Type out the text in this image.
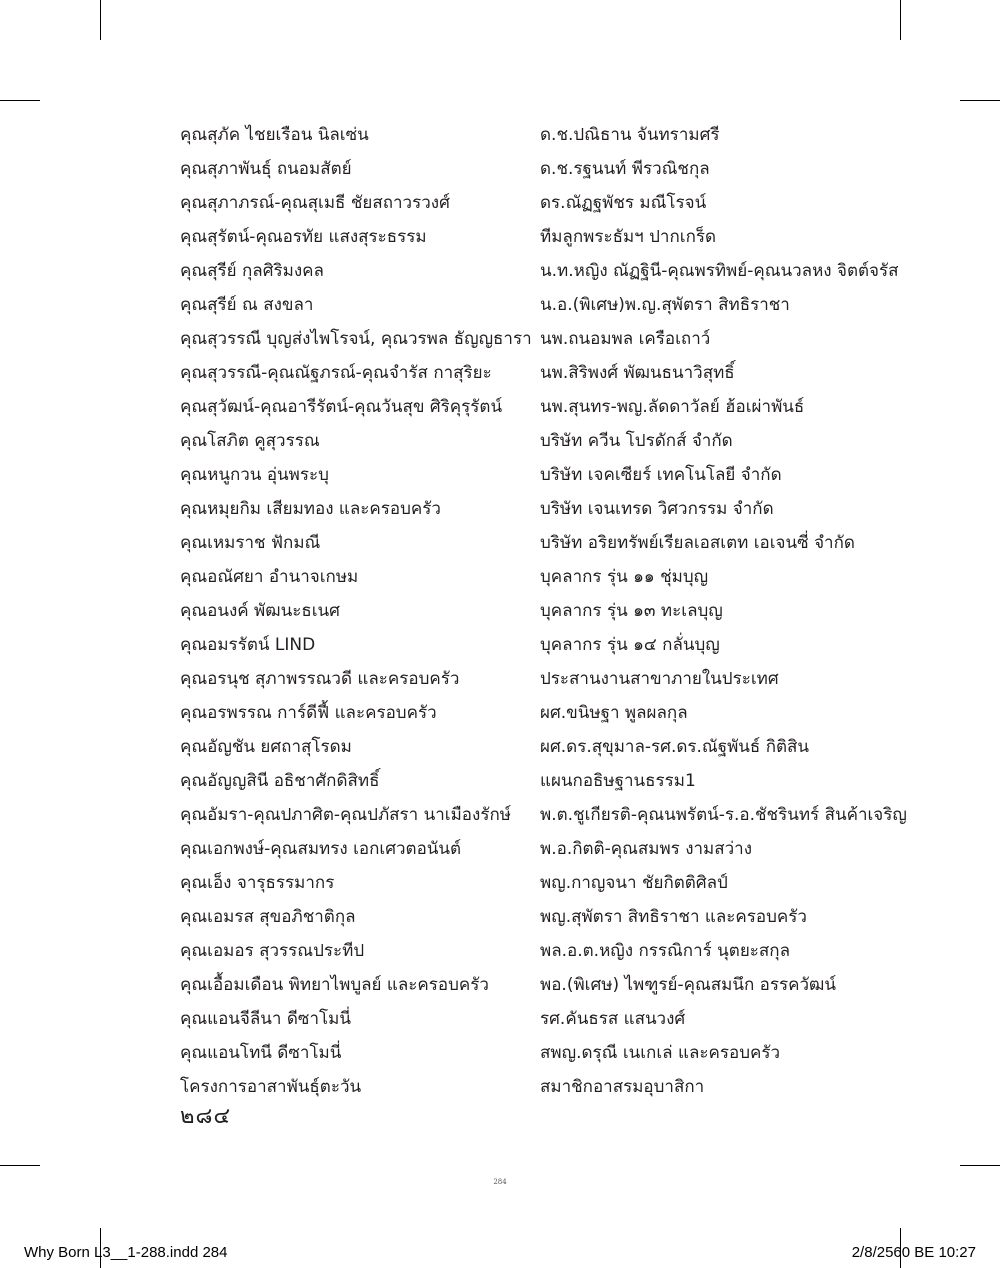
คุณสุภัค ไชยเรือน นิลเซ่น
คุณสุภาพันธุ์ ถนอมสัตย์
คุณสุภาภรณ์-คุณสุเมธี ชัยสถาวรวงศ์
คุณสุรัตน์-คุณอรทัย แสงสุระธรรม
คุณสุรีย์ กุลศิริมงคล
คุณสุรีย์ ณ สงขลา
คุณสุวรรณี บุญส่งไพโรจน์, คุณวรพล ธัญญธารา
คุณสุวรรณี-คุณณัฐภรณ์-คุณจำรัส กาสุริยะ
คุณสุวัฒน์-คุณอารีรัตน์-คุณวันสุข ศิริคุรุรัตน์
คุณโสภิต คูสุวรรณ
คุณหนูกวน อุ่นพระบุ
คุณหมุยกิม เสียมทอง และครอบครัว
คุณเหมราช ฟักมณี
คุณอณัศยา อำนาจเกษม
คุณอนงค์ พัฒนะธเนศ
คุณอมรรัตน์ LIND
คุณอรนุช สุภาพรรณวดี และครอบครัว
คุณอรพรรณ การ์ดีฟี้ และครอบครัว
คุณอัญชัน ยศถาสุโรดม
คุณอัญญสินี อธิชาศักดิสิทธิ์
คุณอัมรา-คุณปภาศิต-คุณปภัสรา นาเมืองรักษ์
คุณเอกพงษ์-คุณสมทรง เอกเศวตอนันต์
คุณเอ็ง จารุธรรมากร
คุณเอมรส สุขอภิชาติกุล
คุณเอมอร สุวรรณประทีป
คุณเอื้อมเดือน พิทยาไพบูลย์ และครอบครัว
คุณแอนจีลีนา ดีซาโมนี่
คุณแอนโทนี ดีซาโมนี่
โครงการอาสาพันธุ์ตะวัน
ด.ช.ปณิธาน จันทรามศรี
ด.ช.รฐนนท์ พีรวณิชกุล
ดร.ณัฏฐพัชร มณีโรจน์
ทีมลูกพระธัมฯ ปากเกร็ด
น.ท.หญิง ณัฏฐินี-คุณพรทิพย์-คุณนวลหง จิตต์จรัส
น.อ.(พิเศษ)พ.ญ.สุพัตรา สิทธิราชา
นพ.ถนอมพล เครือเถาว์
นพ.สิริพงศ์ พัฒนธนาวิสุทธิ์
นพ.สุนทร-พญ.ลัดดาวัลย์ ฮ้อเผ่าพันธ์
บริษัท ควีน โปรดักส์ จำกัด
บริษัท เจคเซียร์ เทคโนโลยี จำกัด
บริษัท เจนเทรด วิศวกรรม จำกัด
บริษัท อริยทรัพย์เรียลเอสเตท เอเจนซี่ จำกัด
บุคลากร รุ่น ๑๑ ชุ่มบุญ
บุคลากร รุ่น ๑๓ ทะเลบุญ
บุคลากร รุ่น ๑๔ กลั่นบุญ
ประสานงานสาขาภายในประเทศ
ผศ.ขนิษฐา พูลผลกุล
ผศ.ดร.สุขุมาล-รศ.ดร.ณัฐพันธ์ กิติสิน
แผนกอธิษฐานธรรม1
พ.ต.ชูเกียรติ-คุณนพรัตน์-ร.อ.ชัชรินทร์ สินค้าเจริญ
พ.อ.กิตติ-คุณสมพร งามสว่าง
พญ.กาญจนา ชัยกิตติศิลป์
พญ.สุพัตรา สิทธิราชา และครอบครัว
พล.อ.ต.หญิง กรรณิการ์ นุตยะสกุล
พอ.(พิเศษ) ไพฑูรย์-คุณสมนึก อรรควัฒน์
รศ.คันธรส แสนวงศ์
สพญ.ดรุณี เนเกเล่ และครอบครัว
สมาชิกอาสรมอุบาสิกา
๒๘๔
284
Why Born L3__1-288.indd 284	2/8/2560 BE 10:27
